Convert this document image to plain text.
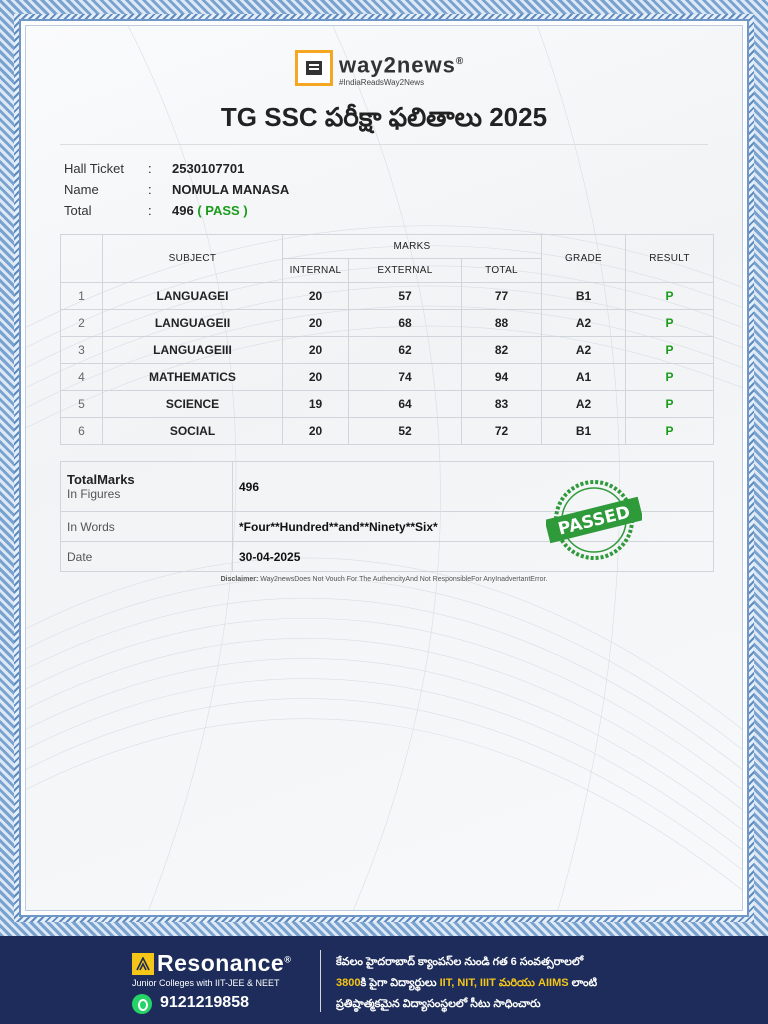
way2news®
#IndiaReadsWay2News
TG SSC పరీక్షా ఫలితాలు 2025
Hall Ticket	:	2530107701
Name	:	NOMULA MANASA
Total	:	496
( PASS )
	SUBJECT	MARKS			GRADE	RESULT
		INTERNAL	EXTERNAL	TOTAL		
1	LANGUAGEI	20	57	77	B1	P
2	LANGUAGEII	20	68	88	A2	P
3	LANGUAGEIII	20	62	82	A2	P
4	MATHEMATICS	20	74	94	A1	P
5	SCIENCE	19	64	83	A2	P
6	SOCIAL	20	52	72	B1	P
TotalMarks
In Figures	496
In Words	*Four**Hundred**and**Ninety**Six*
Date	30-04-2025
PASSED
Disclaimer: Way2newsDoes Not Vouch For The AuthencityAnd Not ResponsibleFor AnyInadvertantError.
Resonance®
Junior Colleges with IIT-JEE & NEET
9121219858
కేవలం హైదరాబాద్ క్యాంపస్‌ల నుండి గత 6 సంవత్సరాలలో
3800కి పైగా విద్యార్థులు IIT, NIT, IIIT మరియు AIIMS లాంటి
ప్రతిష్ఠాత్మకమైన విద్యాసంస్థలలో సీటు సాధించారు
